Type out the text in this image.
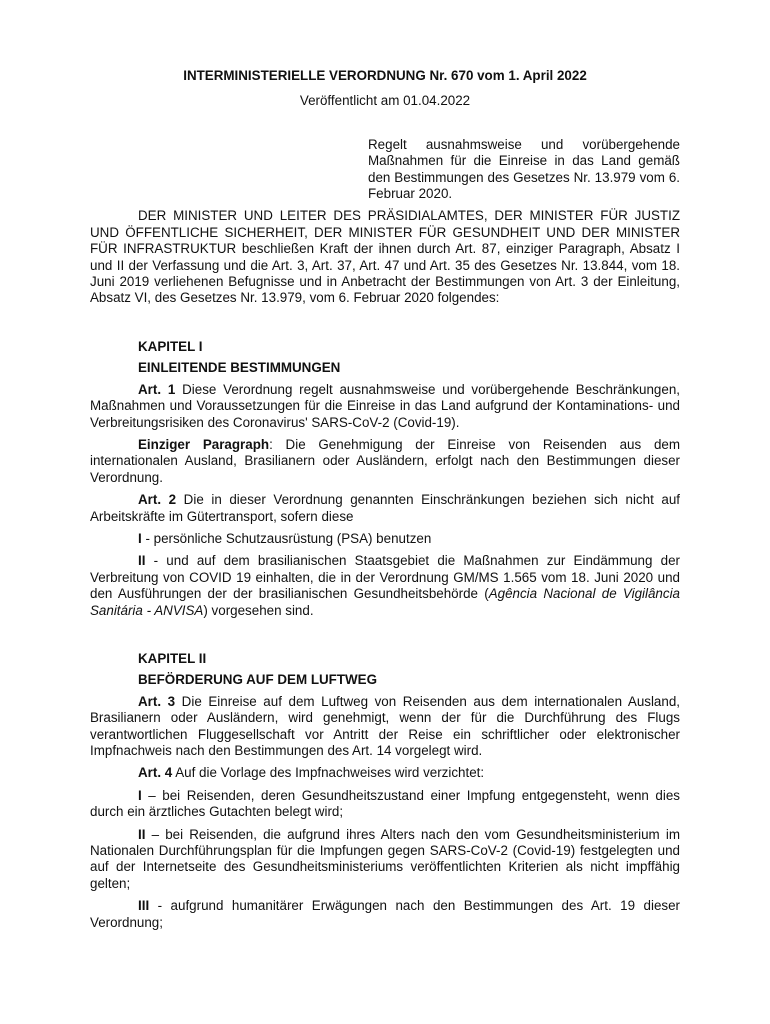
INTERMINISTERIELLE VERORDNUNG Nr. 670 vom 1. April 2022

Veröffentlicht am 01.04.2022

Regelt ausnahmsweise und vorübergehende Maßnahmen für die Einreise in das Land gemäß den Bestimmungen des Gesetzes Nr. 13.979 vom 6. Februar 2020.

DER MINISTER UND LEITER DES PRÄSIDIALAMTES, DER MINISTER FÜR JUSTIZ UND ÖFFENTLICHE SICHERHEIT, DER MINISTER FÜR GESUNDHEIT UND DER MINISTER FÜR INFRASTRUKTUR beschließen Kraft der ihnen durch Art. 87, einziger Paragraph, Absatz I und II der Verfassung und die Art. 3, Art. 37, Art. 47 und Art. 35 des Gesetzes Nr. 13.844, vom 18. Juni 2019 verliehenen Befugnisse und in Anbetracht der Bestimmungen von Art. 3 der Einleitung, Absatz VI, des Gesetzes Nr. 13.979, vom 6. Februar 2020 folgendes:

KAPITEL I

EINLEITENDE BESTIMMUNGEN

Art. 1 Diese Verordnung regelt ausnahmsweise und vorübergehende Beschränkungen, Maßnahmen und Voraussetzungen für die Einreise in das Land aufgrund der Kontaminations- und Verbreitungsrisiken des Coronavirus' SARS-CoV-2 (Covid-19).

Einziger Paragraph: Die Genehmigung der Einreise von Reisenden aus dem internationalen Ausland, Brasilianern oder Ausländern, erfolgt nach den Bestimmungen dieser Verordnung.

Art. 2 Die in dieser Verordnung genannten Einschränkungen beziehen sich nicht auf Arbeitskräfte im Gütertransport, sofern diese

I - persönliche Schutzausrüstung (PSA) benutzen

II - und auf dem brasilianischen Staatsgebiet die Maßnahmen zur Eindämmung der Verbreitung von COVID 19 einhalten, die in der Verordnung GM/MS 1.565 vom 18. Juni 2020 und den Ausführungen der der brasilianischen Gesundheitsbehörde (Agência Nacional de Vigilância Sanitária - ANVISA) vorgesehen sind.

KAPITEL II

BEFÖRDERUNG AUF DEM LUFTWEG

Art. 3 Die Einreise auf dem Luftweg von Reisenden aus dem internationalen Ausland, Brasilianern oder Ausländern, wird genehmigt, wenn der für die Durchführung des Flugs verantwortlichen Fluggesellschaft vor Antritt der Reise ein schriftlicher oder elektronischer Impfnachweis nach den Bestimmungen des Art. 14 vorgelegt wird.

Art. 4 Auf die Vorlage des Impfnachweises wird verzichtet:

I – bei Reisenden, deren Gesundheitszustand einer Impfung entgegensteht, wenn dies durch ein ärztliches Gutachten belegt wird;

II – bei Reisenden, die aufgrund ihres Alters nach den vom Gesundheitsministerium im Nationalen Durchführungsplan für die Impfungen gegen SARS-CoV-2 (Covid-19) festgelegten und auf der Internetseite des Gesundheitsministeriums veröffentlichten Kriterien als nicht impffähig gelten;

III - aufgrund humanitärer Erwägungen nach den Bestimmungen des Art. 19 dieser Verordnung;
